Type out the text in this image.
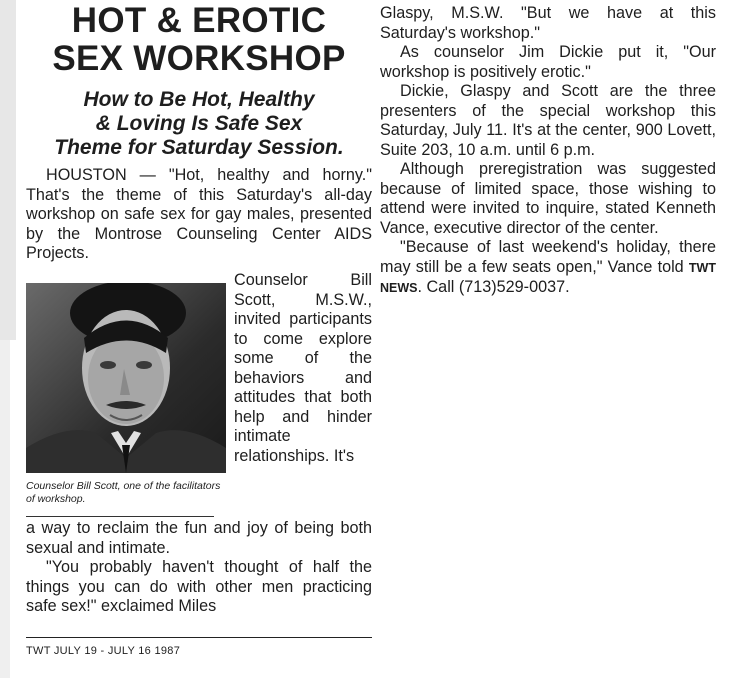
HOT & EROTIC
SEX WORKSHOP
How to Be Hot, Healthy
& Loving Is Safe Sex
Theme for Saturday Session.

HOUSTON — "Hot, healthy and horny." That's the theme of this Saturday's all-day workshop on safe sex for gay males, presented by the Montrose Counseling Center AIDS Projects.

Counselor Bill Scott, one of the facilitators of workshop.
Counselor Bill Scott, M.S.W., invited participants to come explore some of the behaviors and attitudes that both help and hinder intimate relationships. It's

a way to reclaim the fun and joy of being both sexual and intimate.

"You probably haven't thought of half the things you can do with other men practicing safe sex!" exclaimed Miles

Glaspy, M.S.W. "But we have at this Saturday's workshop."

As counselor Jim Dickie put it, "Our workshop is positively erotic."

Dickie, Glaspy and Scott are the three presenters of the special workshop this Saturday, July 11. It's at the center, 900 Lovett, Suite 203, 10 a.m. until 6 p.m.

Although preregistration was suggested because of limited space, those wishing to attend were invited to inquire, stated Kenneth Vance, executive director of the center.

"Because of last weekend's holiday, there may still be a few seats open," Vance told TWT NEWS. Call (713)529-0037.

TWT JULY 19 - JULY 16 1987
